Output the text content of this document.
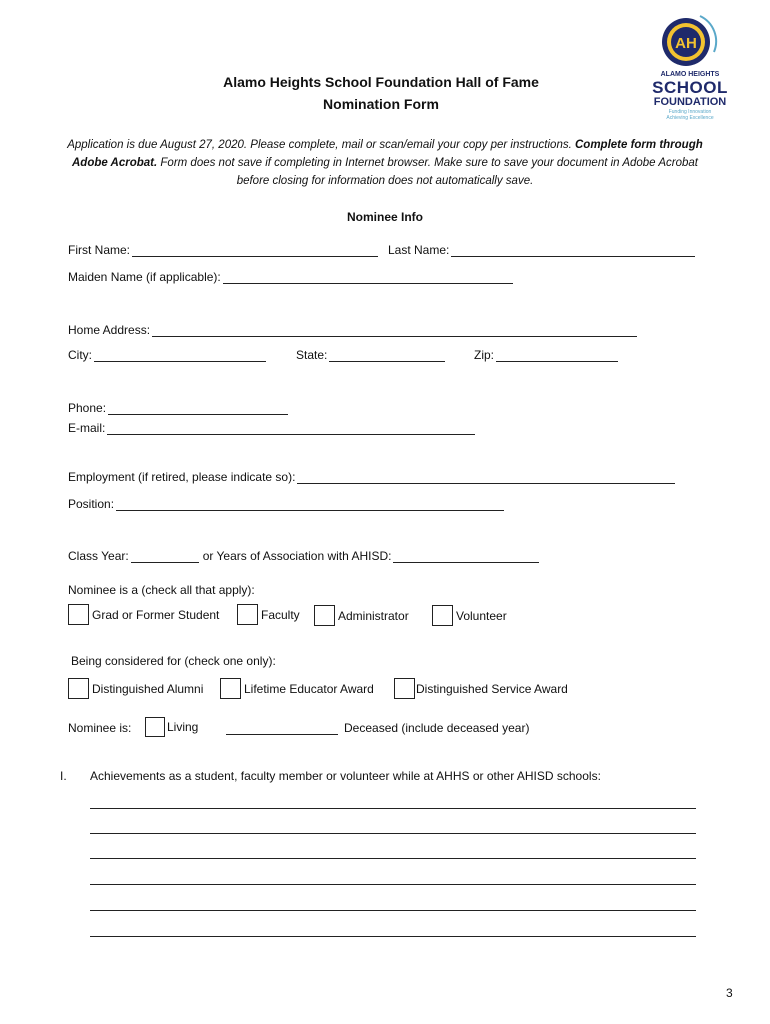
AH
ALAMO HEIGHTS
SCHOOL
FOUNDATION
Funding Innovation
Achieving Excellence
Alamo Heights School Foundation Hall of Fame
Nomination Form
Application is due August 27, 2020. Please complete, mail or scan/email your copy per instructions. Complete form through Adobe Acrobat. Form does not save if completing in Internet browser. Make sure to save your document in Adobe Acrobat before closing for information does not automatically save.
Nominee Info
First Name:	Last Name:
Maiden Name (if applicable):
Home Address:
City:	State:	Zip:
Phone:
E-mail:
Employment (if retired, please indicate so):
Position:
Class Year:	or Years of Association with AHISD:
Nominee is a (check all that apply):
Grad or Former Student	Faculty	Administrator	Volunteer
Being considered for (check one only):
Distinguished Alumni	Lifetime Educator Award	Distinguished Service Award
Nominee is:	Living	Deceased (include deceased year)
I. Achievements as a student, faculty member or volunteer while at AHHS or other AHISD schools:
3
